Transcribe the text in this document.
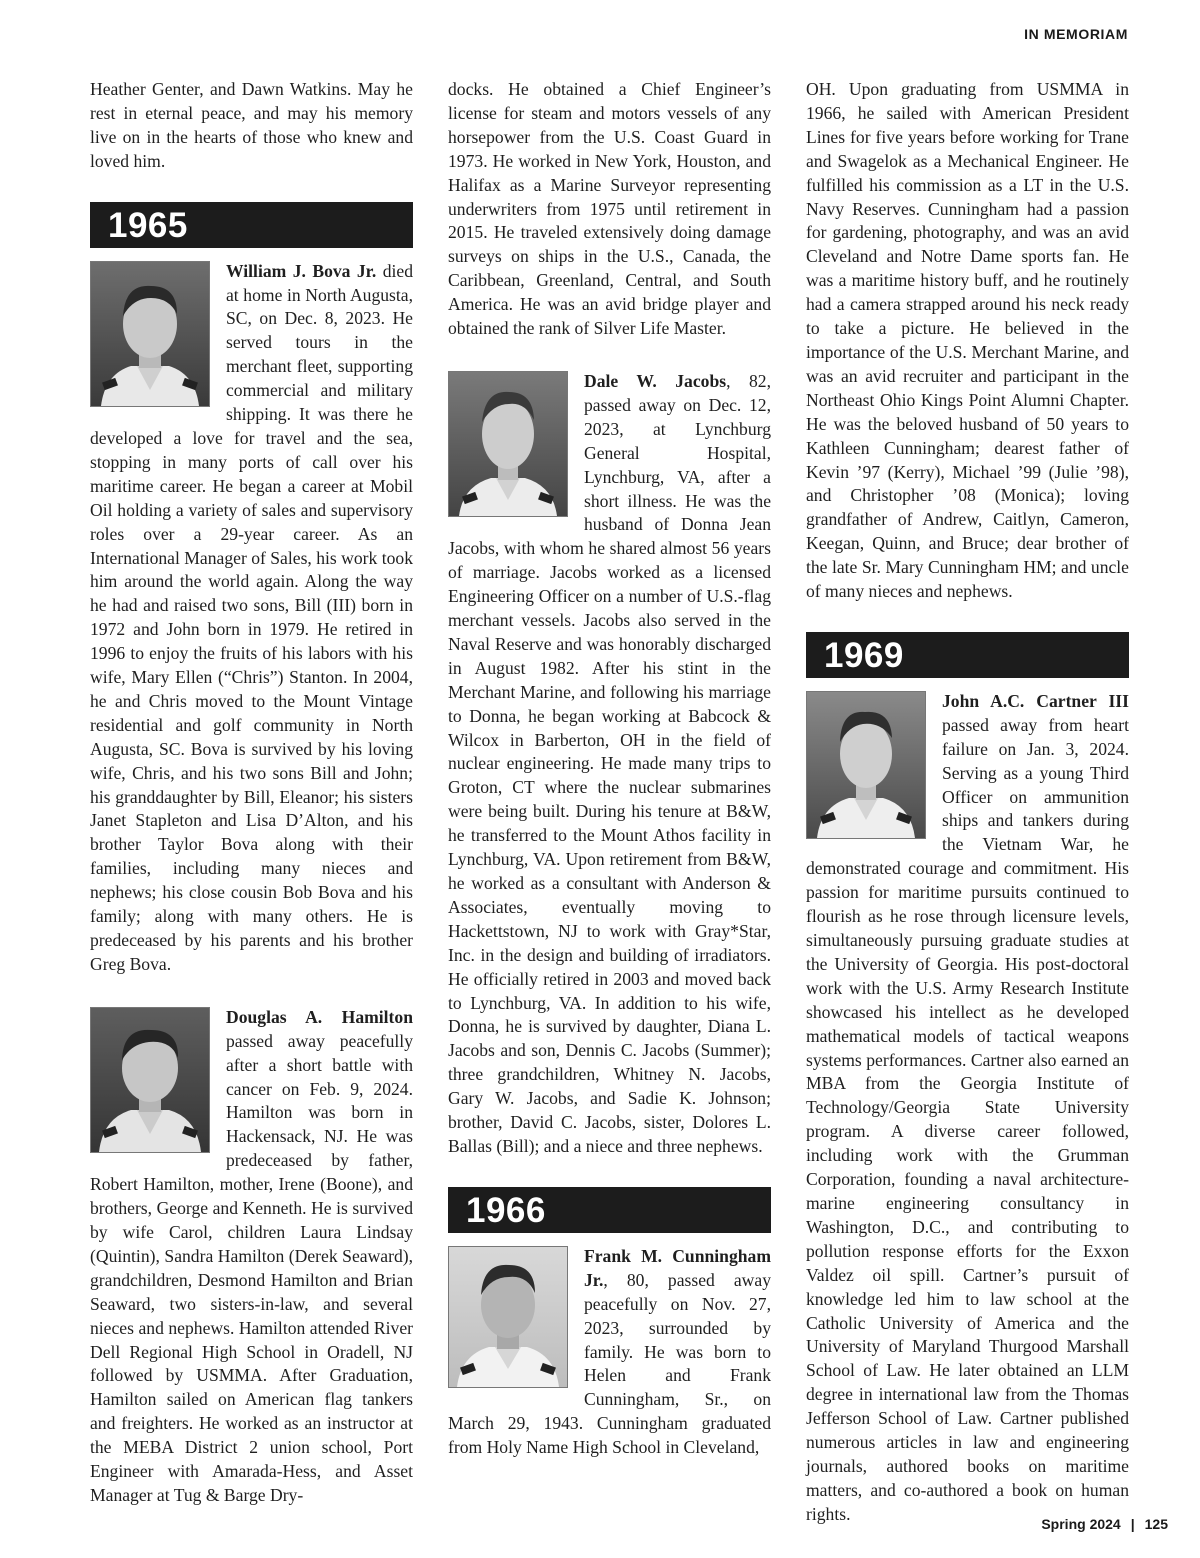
IN MEMORIAM

Heather Genter, and Dawn Watkins. May he rest in eternal peace, and may his memory live on in the hearts of those who knew and loved him.

1965

William J. Bova Jr. died at home in North Augusta, SC, on Dec. 8, 2023. He served tours in the merchant fleet, supporting commercial and military shipping. It was there he developed a love for travel and the sea, stopping in many ports of call over his maritime career. He began a career at Mobil Oil holding a variety of sales and supervisory roles over a 29-year career. As an International Manager of Sales, his work took him around the world again. Along the way he had and raised two sons, Bill (III) born in 1972 and John born in 1979. He retired in 1996 to enjoy the fruits of his labors with his wife, Mary Ellen (“Chris”) Stanton. In 2004, he and Chris moved to the Mount Vintage residential and golf community in North Augusta, SC. Bova is survived by his loving wife, Chris, and his two sons Bill and John; his granddaughter by Bill, Eleanor; his sisters Janet Stapleton and Lisa D’Alton, and his brother Taylor Bova along with their families, including many nieces and nephews; his close cousin Bob Bova and his family; along with many others. He is predeceased by his parents and his brother Greg Bova.

Douglas A. Hamilton passed away peacefully after a short battle with cancer on Feb. 9, 2024. Hamilton was born in Hackensack, NJ. He was predeceased by father, Robert Hamilton, mother, Irene (Boone), and brothers, George and Kenneth. He is survived by wife Carol, children Laura Lindsay (Quintin), Sandra Hamilton (Derek Seaward), grandchildren, Desmond Hamilton and Brian Seaward, two sisters-in-law, and several nieces and nephews. Hamilton attended River Dell Regional High School in Oradell, NJ followed by USMMA. After Graduation, Hamilton sailed on American flag tankers and freighters. He worked as an instructor at the MEBA District 2 union school, Port Engineer with Amarada-Hess, and Asset Manager at Tug & Barge Dry-

docks. He obtained a Chief Engineer’s license for steam and motors vessels of any horsepower from the U.S. Coast Guard in 1973. He worked in New York, Houston, and Halifax as a Marine Surveyor representing underwriters from 1975 until retirement in 2015. He traveled extensively doing damage surveys on ships in the U.S., Canada, the Caribbean, Greenland, Central, and South America. He was an avid bridge player and obtained the rank of Silver Life Master.

Dale W. Jacobs, 82, passed away on Dec. 12, 2023, at Lynchburg General Hospital, Lynchburg, VA, after a short illness. He was the husband of Donna Jean Jacobs, with whom he shared almost 56 years of marriage. Jacobs worked as a licensed Engineering Officer on a number of U.S.-flag merchant vessels. Jacobs also served in the Naval Reserve and was honorably discharged in August 1982. After his stint in the Merchant Marine, and following his marriage to Donna, he began working at Babcock & Wilcox in Barberton, OH in the field of nuclear engineering. He made many trips to Groton, CT where the nuclear submarines were being built. During his tenure at B&W, he transferred to the Mount Athos facility in Lynchburg, VA. Upon retirement from B&W, he worked as a consultant with Anderson & Associates, eventually moving to Hackettstown, NJ to work with Gray*Star, Inc. in the design and building of irradiators. He officially retired in 2003 and moved back to Lynchburg, VA. In addition to his wife, Donna, he is survived by daughter, Diana L. Jacobs and son, Dennis C. Jacobs (Summer); three grandchildren, Whitney N. Jacobs, Gary W. Jacobs, and Sadie K. Johnson; brother, David C. Jacobs, sister, Dolores L. Ballas (Bill); and a niece and three nephews.

1966

Frank M. Cunningham Jr., 80, passed away peacefully on Nov. 27, 2023, surrounded by family. He was born to Helen and Frank Cunningham, Sr., on March 29, 1943. Cunningham graduated from Holy Name High School in Cleveland,

OH. Upon graduating from USMMA in 1966, he sailed with American President Lines for five years before working for Trane and Swagelok as a Mechanical Engineer. He fulfilled his commission as a LT in the U.S. Navy Reserves. Cunningham had a passion for gardening, photography, and was an avid Cleveland and Notre Dame sports fan. He was a maritime history buff, and he routinely had a camera strapped around his neck ready to take a picture. He believed in the importance of the U.S. Merchant Marine, and was an avid recruiter and participant in the Northeast Ohio Kings Point Alumni Chapter. He was the beloved husband of 50 years to Kathleen Cunningham; dearest father of Kevin ’97 (Kerry), Michael ’99 (Julie ’98), and Christopher ’08 (Monica); loving grandfather of Andrew, Caitlyn, Cameron, Keegan, Quinn, and Bruce; dear brother of the late Sr. Mary Cunningham HM; and uncle of many nieces and nephews.

1969

John A.C. Cartner III passed away from heart failure on Jan. 3, 2024. Serving as a young Third Officer on ammunition ships and tankers during the Vietnam War, he demonstrated courage and commitment. His passion for maritime pursuits continued to flourish as he rose through licensure levels, simultaneously pursuing graduate studies at the University of Georgia. His post-doctoral work with the U.S. Army Research Institute showcased his intellect as he developed mathematical models of tactical weapons systems performances. Cartner also earned an MBA from the Georgia Institute of Technology/Georgia State University program. A diverse career followed, including work with the Grumman Corporation, founding a naval architecture-marine engineering consultancy in Washington, D.C., and contributing to pollution response efforts for the Exxon Valdez oil spill. Cartner’s pursuit of knowledge led him to law school at the Catholic University of America and the University of Maryland Thurgood Marshall School of Law. He later obtained an LLM degree in international law from the Thomas Jefferson School of Law. Cartner published numerous articles in law and engineering journals, authored books on maritime matters, and co-authored a book on human rights.

Spring 2024 | 125
